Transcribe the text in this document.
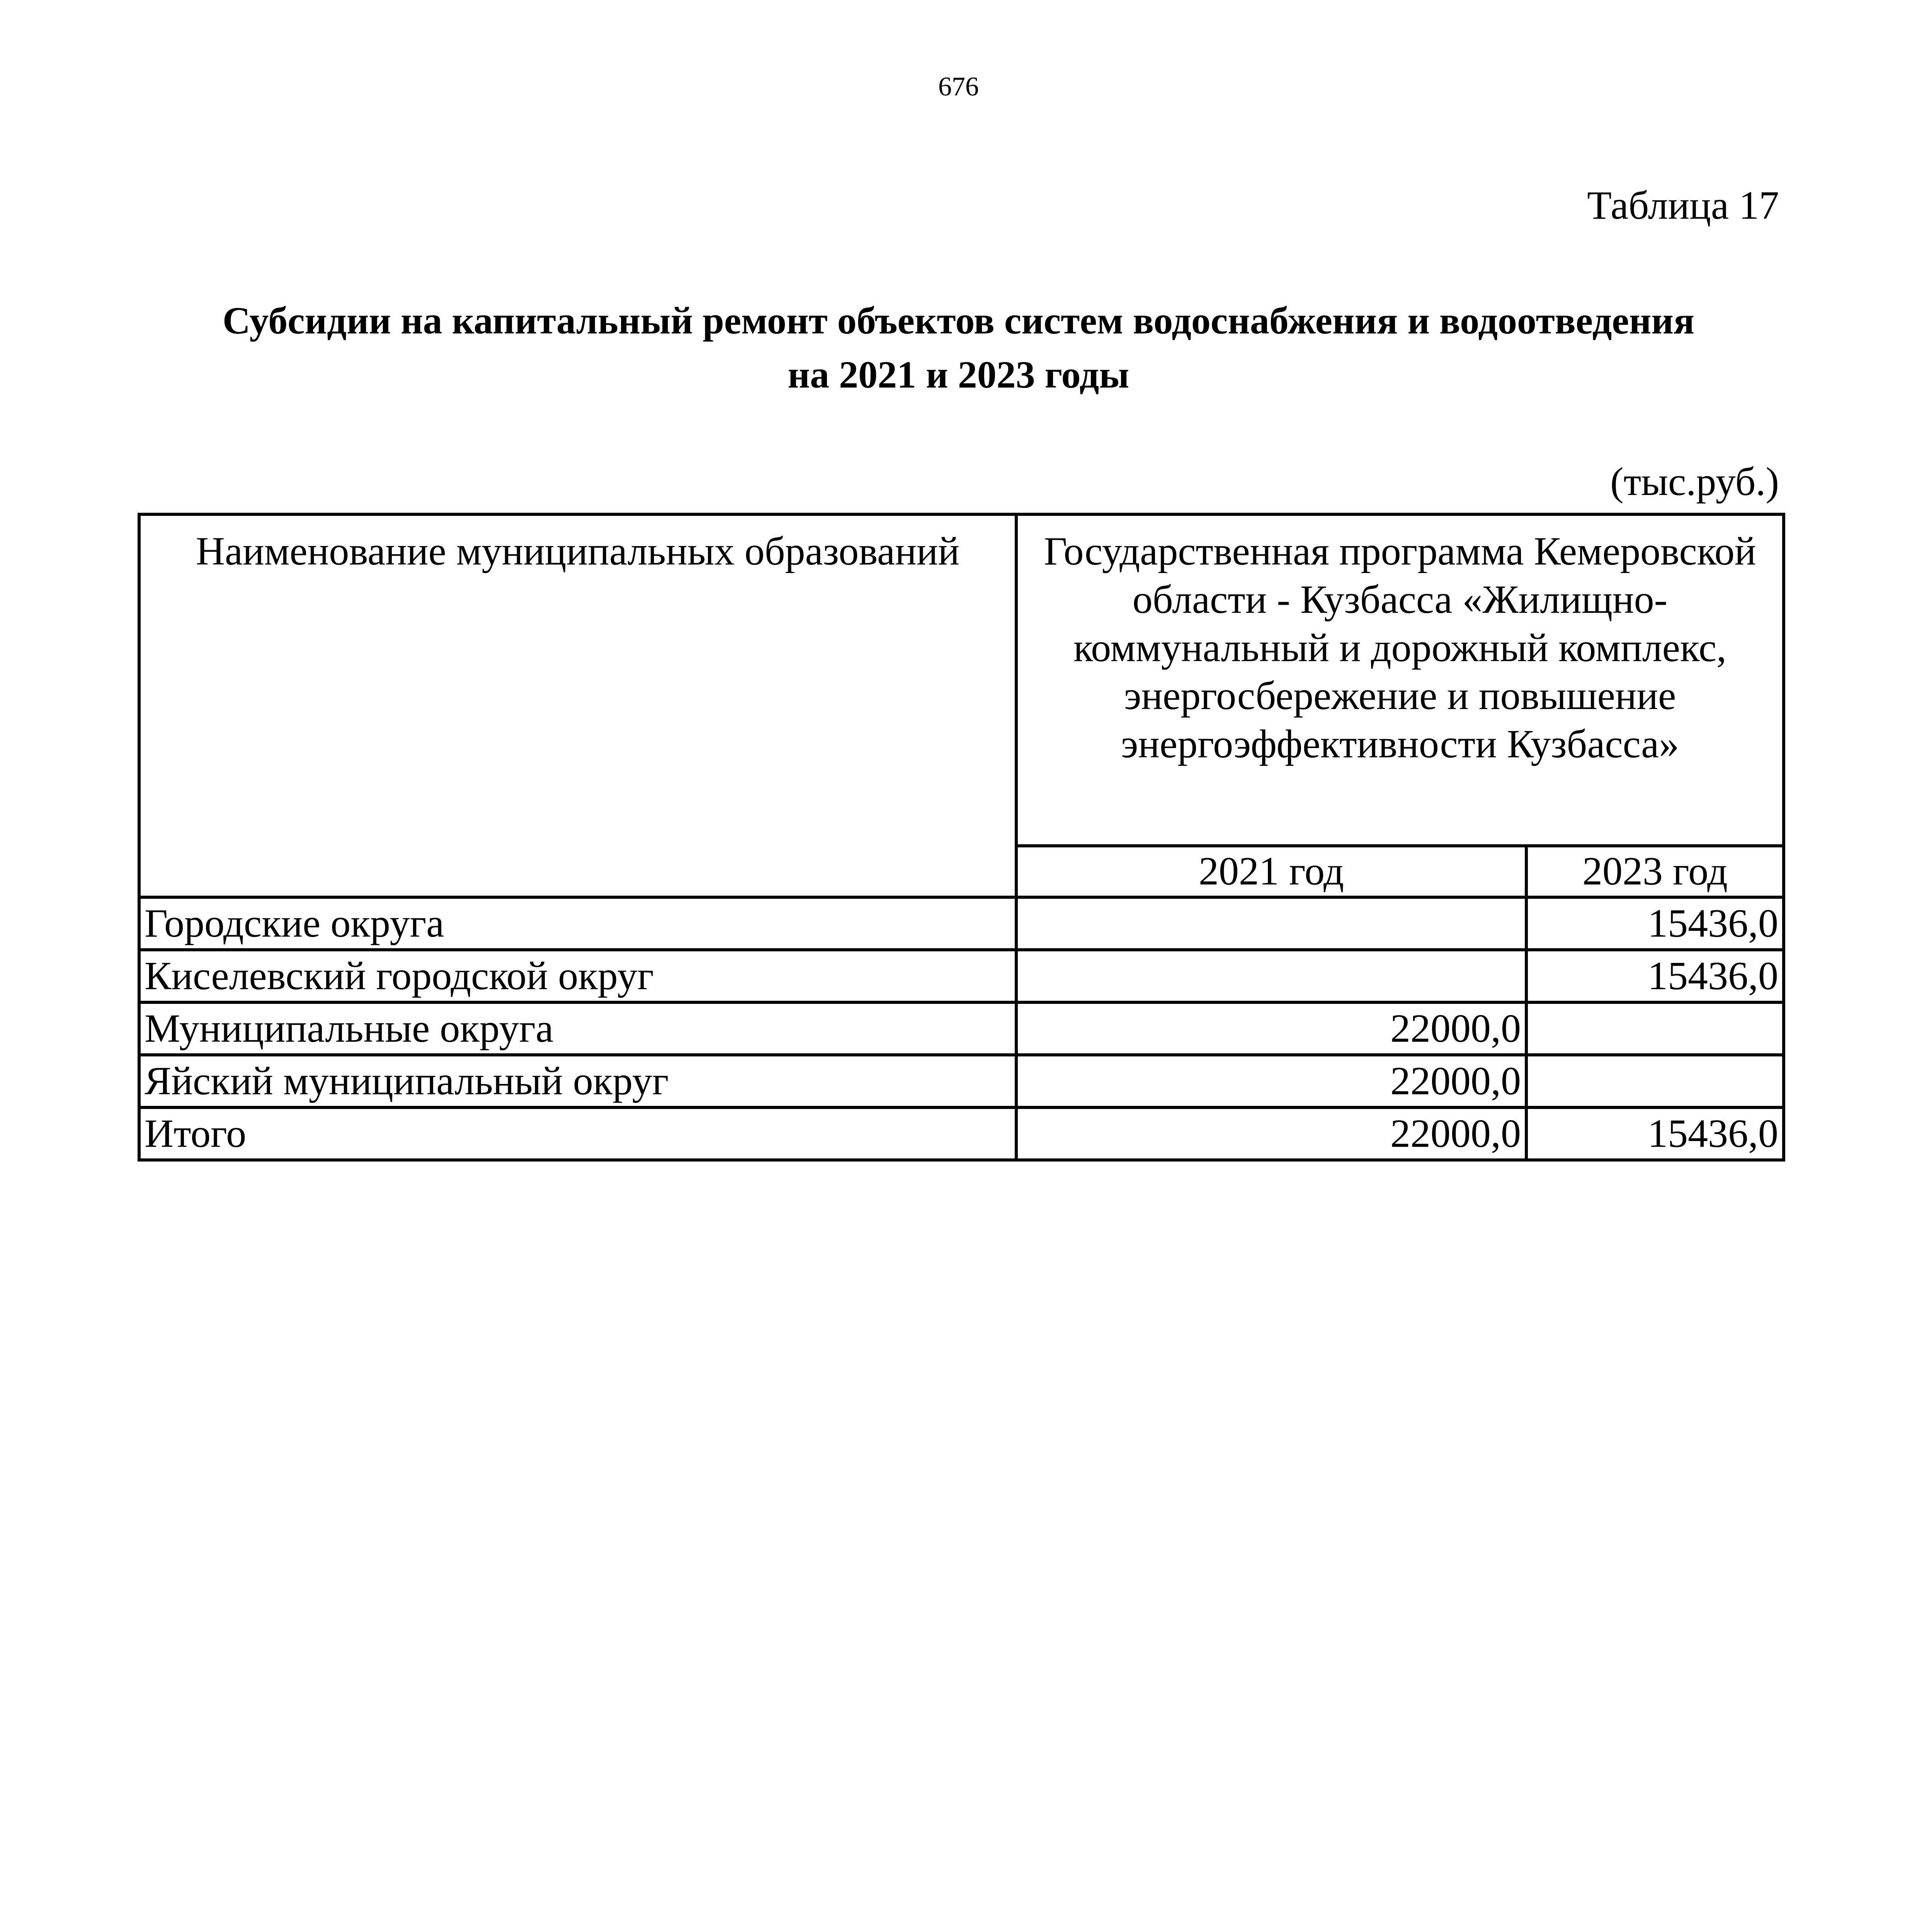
676
Таблица 17
Субсидии на капитальный ремонт объектов систем водоснабжения и водоотведения
на 2021 и 2023 годы
(тыс.руб.)
Наименование муниципальных образований	Государственная программа Кемеровской
области - Кузбасса «Жилищно-
коммунальный и дорожный комплекс,
энергосбережение и повышение
энергоэффективности Кузбасса»	

	2021 год	2023 год
Городские округа		15436,0
Киселевский городской округ		15436,0
Муниципальные округа	22000,0	
Яйский муниципальный округ	22000,0	
Итого	22000,0	15436,0
